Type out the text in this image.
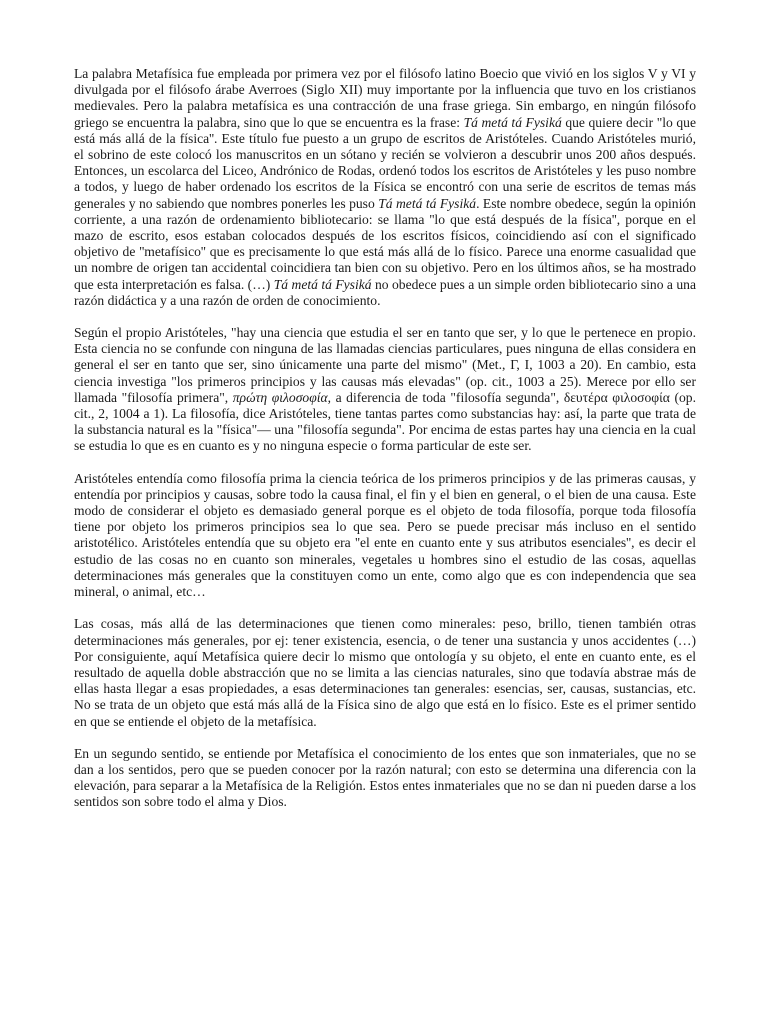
La palabra Metafísica fue empleada por primera vez por el filósofo latino Boecio que vivió en los siglos V y VI y divulgada por el filósofo árabe Averroes (Siglo XII) muy importante por la influencia que tuvo en los cristianos medievales. Pero la palabra metafísica es una contracción de una frase griega. Sin embargo, en ningún filósofo griego se encuentra la palabra, sino que lo que se encuentra es la frase: Tá metá tá Fysiká que quiere decir "lo que está más allá de la física''. Este título fue puesto a un grupo de escritos de Aristóteles. Cuando Aristóteles murió, el sobrino de este colocó los manuscritos en un sótano y recién se volvieron a descubrir unos 200 años después. Entonces, un escolarca del Liceo, Andrónico de Rodas, ordenó todos los escritos de Aristóteles y les puso nombre a todos, y luego de haber ordenado los escritos de la Física se encontró con una serie de escritos de temas más generales y no sabiendo que nombres ponerles les puso Tá metá tá Fysiká. Este nombre obedece, según la opinión corriente, a una razón de ordenamiento bibliotecario: se llama ''lo que está después de la física'', porque en el mazo de escrito, esos estaban colocados después de los escritos físicos, coincidiendo así con el significado objetivo de ''metafísico'' que es precisamente lo que está más allá de lo físico. Parece una enorme casualidad que un nombre de origen tan accidental coincidiera tan bien con su objetivo. Pero en los últimos años, se ha mostrado que esta interpretación es falsa. (…) Tá metá tá Fysiká no obedece pues a un simple orden bibliotecario sino a una razón didáctica y a una razón de orden de conocimiento.

Según el propio Aristóteles, "hay una ciencia que estudia el ser en tanto que ser, y lo que le pertenece en propio. Esta ciencia no se confunde con ninguna de las llamadas ciencias particulares, pues ninguna de ellas considera en general el ser en tanto que ser, sino únicamente una parte del mismo" (Met., Γ, Ι, 1003 a 20). En cambio, esta ciencia investiga "los primeros principios y las causas más elevadas" (op. cit., 1003 a 25). Merece por ello ser llamada "filosofía primera", πρώτη φιλοσοφία, a diferencia de toda "filosofía segunda", δευτέρα φιλοσοφία (op. cit., 2, 1004 a 1). La filosofía, dice Aristóteles, tiene tantas partes como substancias hay: así, la parte que trata de la substancia natural es la "física"— una "filosofía segunda". Por encima de estas partes hay una ciencia en la cual se estudia lo que es en cuanto es y no ninguna especie o forma particular de este ser.

Aristóteles entendía como filosofía prima la ciencia teórica de los primeros principios y de las primeras causas, y entendía por principios y causas, sobre todo la causa final, el fin y el bien en general, o el bien de una causa. Este modo de considerar el objeto es demasiado general porque es el objeto de toda filosofía, porque toda filosofía tiene por objeto los primeros principios sea lo que sea. Pero se puede precisar más incluso en el sentido aristotélico. Aristóteles entendía que su objeto era ''el ente en cuanto ente y sus atributos esenciales'', es decir el estudio de las cosas no en cuanto son minerales, vegetales u hombres sino el estudio de las cosas, aquellas determinaciones más generales que la constituyen como un ente, como algo que es con independencia que sea mineral, o animal, etc…

Las cosas, más allá de las determinaciones que tienen como minerales: peso, brillo, tienen también otras determinaciones más generales, por ej: tener existencia, esencia, o de tener una sustancia y unos accidentes (…) Por consiguiente, aquí Metafísica quiere decir lo mismo que ontología y su objeto, el ente en cuanto ente, es el resultado de aquella doble abstracción que no se limita a las ciencias naturales, sino que todavía abstrae más de ellas hasta llegar a esas propiedades, a esas determinaciones tan generales: esencias, ser, causas, sustancias, etc. No se trata de un objeto que está más allá de la Física sino de algo que está en lo físico. Este es el primer sentido en que se entiende el objeto de la metafísica.

En un segundo sentido, se entiende por Metafísica el conocimiento de los entes que son inmateriales, que no se dan a los sentidos, pero que se pueden conocer por la razón natural; con esto se determina una diferencia con la elevación, para separar a la Metafísica de la Religión. Estos entes inmateriales que no se dan ni pueden darse a los sentidos son sobre todo el alma y Dios.
